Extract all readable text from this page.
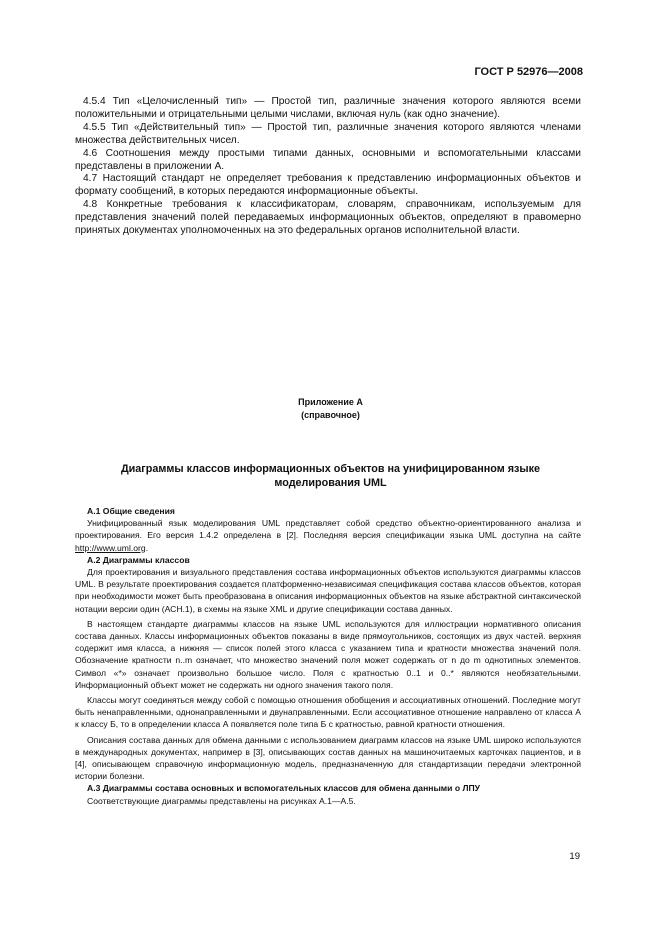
ГОСТ Р 52976—2008

4.5.4 Тип «Целочисленный тип» — Простой тип, различные значения которого являются всеми положительными и отрицательными целыми числами, включая нуль (как одно значение).

4.5.5 Тип «Действительный тип» — Простой тип, различные значения которого являются членами множества действительных чисел.

4.6 Соотношения между простыми типами данных, основными и вспомогательными классами представлены в приложении А.

4.7 Настоящий стандарт не определяет требования к представлению информационных объектов и формату сообщений, в которых передаются информационные объекты.

4.8 Конкретные требования к классификаторам, словарям, справочникам, используемым для представления значений полей передаваемых информационных объектов, определяют в правомерно принятых документах уполномоченных на это федеральных органов исполнительной власти.

Приложение А
(справочное)
Диаграммы классов информационных объектов на унифицированном языке моделирования UML
А.1 Общие сведения

Унифицированный язык моделирования UML представляет собой средство объектно-ориентированного анализа и проектирования. Его версия 1.4.2 определена в [2]. Последняя версия спецификации языка UML доступна на сайте http://www.uml.org.

А.2 Диаграммы классов

Для проектирования и визуального представления состава информационных объектов используются диаграммы классов UML. В результате проектирования создается платформенно-независимая спецификация состава классов объектов, которая при необходимости может быть преобразована в описания информационных объектов на языке абстрактной синтаксической нотации версии один (АСН.1), в схемы на языке XML и другие спецификации состава данных.

В настоящем стандарте диаграммы классов на языке UML используются для иллюстрации нормативного описания состава данных. Классы информационных объектов показаны в виде прямоугольников, состоящих из двух частей. верхняя содержит имя класса, а нижняя — список полей этого класса с указанием типа и кратности множества значений поля. Обозначение кратности n..m означает, что множество значений поля может содержать от n до m однотипных элементов. Символ «*» означает произвольно большое число. Поля с кратностью 0..1 и 0..* являются необязательными. Информационный объект может не содержать ни одного значения такого поля.

Классы могут соединяться между собой с помощью отношения обобщения и ассоциативных отношений. Последние могут быть ненаправленными, однонаправленными и двунаправленными. Если ассоциативное отношение направлено от класса А к классу Б, то в определении класса А появляется поле типа Б с кратностью, равной кратности отношения.

Описания состава данных для обмена данными с использованием диаграмм классов на языке UML широко используются в международных документах, например в [3], описывающих состав данных на машиночитаемых карточках пациентов, и в [4], описывающем справочную информационную модель, предназначенную для стандартизации передачи электронной истории болезни.

А.3 Диаграммы состава основных и вспомогательных классов для обмена данными о ЛПУ

Соответствующие диаграммы представлены на рисунках А.1—А.5.

19
